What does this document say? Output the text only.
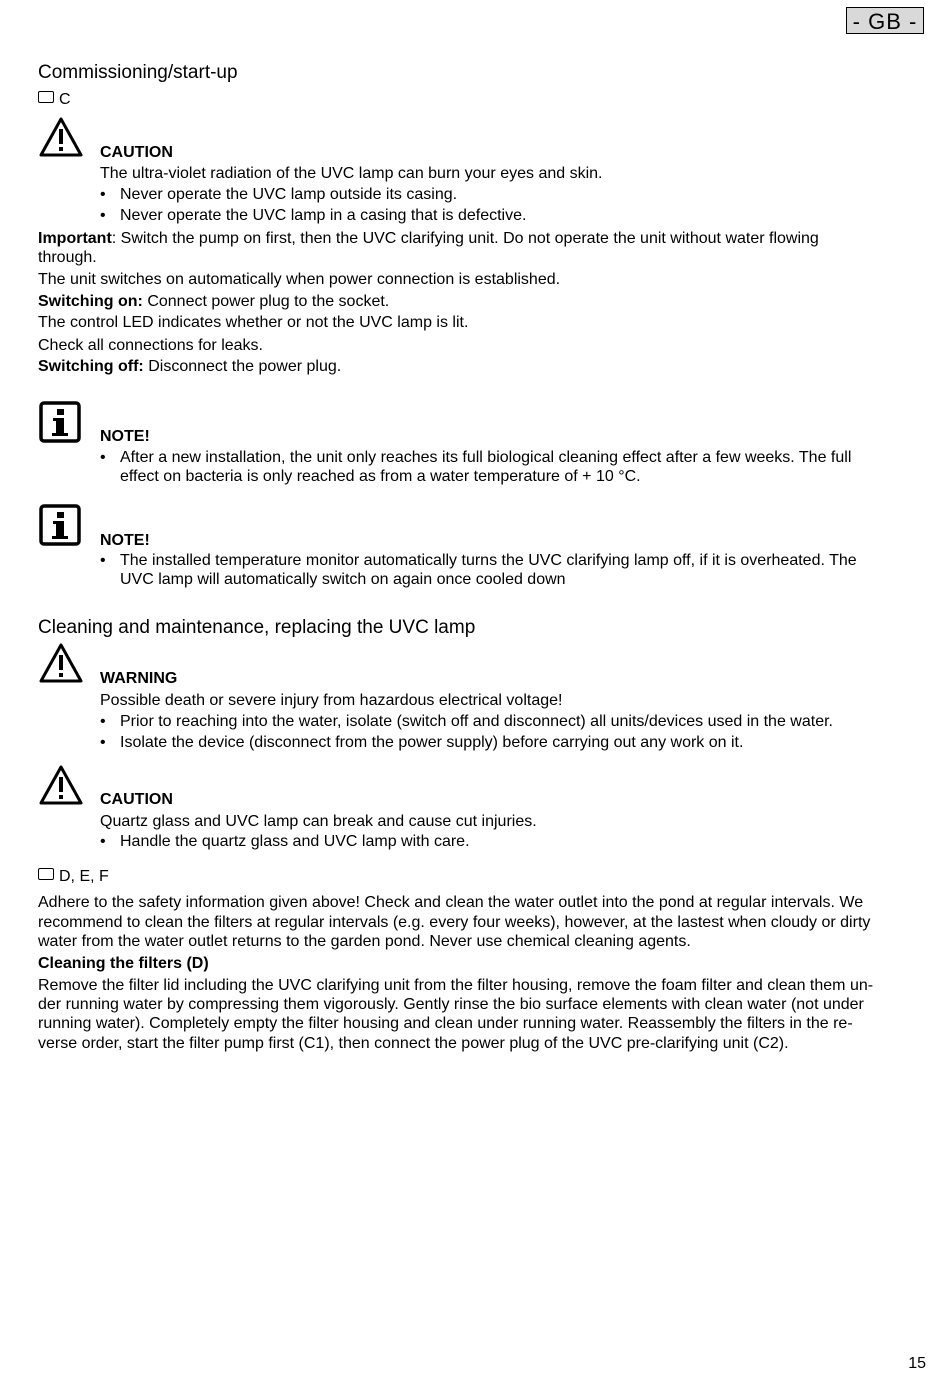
- GB -
Commissioning/start-up
C
CAUTION
The ultra-violet radiation of the UVC lamp can burn your eyes and skin.
• Never operate the UVC lamp outside its casing.
• Never operate the UVC lamp in a casing that is defective.
Important: Switch the pump on first, then the UVC clarifying unit. Do not operate the unit without water flowing
through.
The unit switches on automatically when power connection is established.
Switching on: Connect power plug to the socket.
The control LED indicates whether or not the UVC lamp is lit.
Check all connections for leaks.
Switching off: Disconnect the power plug.
NOTE!
• After a new installation, the unit only reaches its full biological cleaning effect after a few weeks. The full
effect on bacteria is only reached as from a water temperature of + 10 °C.
NOTE!
• The installed temperature monitor automatically turns the UVC clarifying lamp off, if it is overheated. The
UVC lamp will automatically switch on again once cooled down
Cleaning and maintenance, replacing the UVC lamp
WARNING
Possible death or severe injury from hazardous electrical voltage!
• Prior to reaching into the water, isolate (switch off and disconnect) all units/devices used in the water.
• Isolate the device (disconnect from the power supply) before carrying out any work on it.
CAUTION
Quartz glass and UVC lamp can break and cause cut injuries.
• Handle the quartz glass and UVC lamp with care.
D, E, F
Adhere to the safety information given above! Check and clean the water outlet into the pond at regular intervals. We
recommend to clean the filters at regular intervals (e.g. every four weeks), however, at the lastest when cloudy or dirty
water from the water outlet returns to the garden pond. Never use chemical cleaning agents.
Cleaning the filters (D)
Remove the filter lid including the UVC clarifying unit from the filter housing, remove the foam filter and clean them un-
der running water by compressing them vigorously. Gently rinse the bio surface elements with clean water (not under
running water). Completely empty the filter housing and clean under running water. Reassembly the filters in the re-
verse order, start the filter pump first (C1), then connect the power plug of the UVC pre-clarifying unit (C2).
15
